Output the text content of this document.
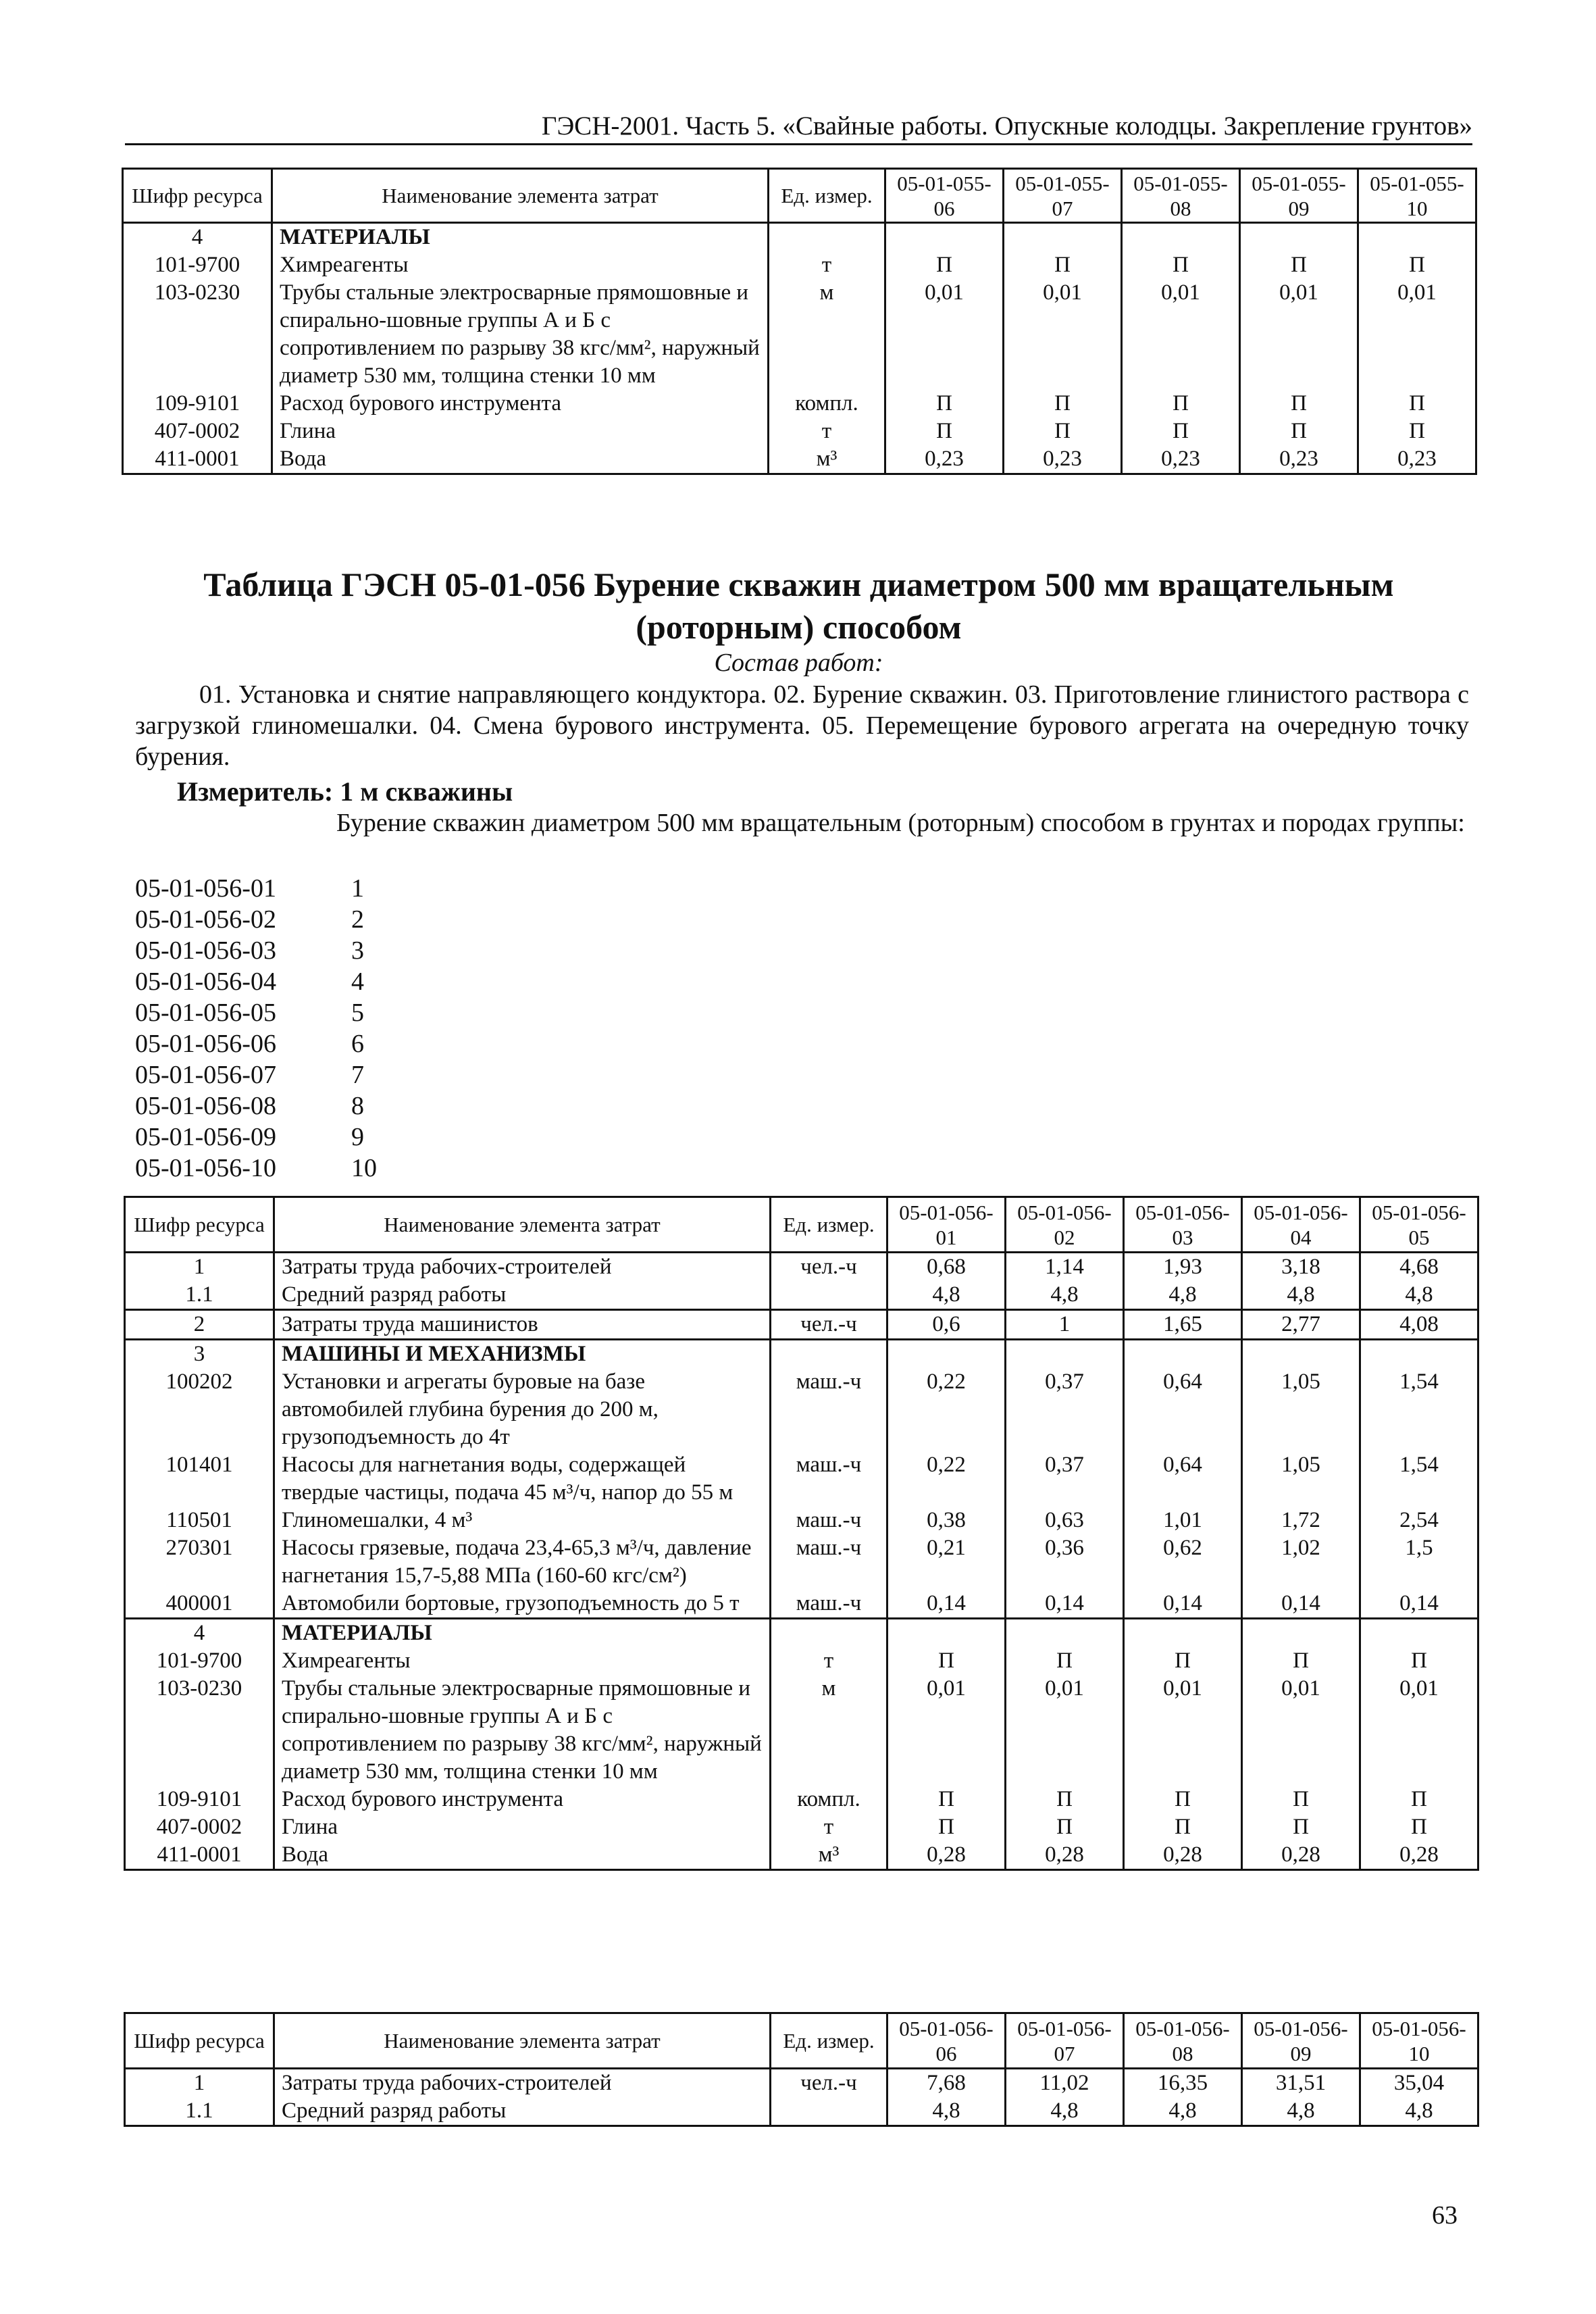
ГЭСН-2001. Часть 5. «Свайные работы. Опускные колодцы. Закрепление грунтов»
Шифр ресурса	Наименование элемента затрат	Ед. измер.	05-01-055-06	05-01-055-07	05-01-055-08	05-01-055-09	05-01-055-10
4	МАТЕРИАЛЫ						
101-9700	Химреагенты	т	П	П	П	П	П
103-0230	Трубы стальные электросварные прямошовные и спирально-шовные группы А и Б с сопротивлением по разрыву 38 кгс/мм², наружный диаметр 530 мм, толщина стенки 10 мм	м	0,01	0,01	0,01	0,01	0,01
109-9101	Расход бурового инструмента	компл.	П	П	П	П	П
407-0002	Глина	т	П	П	П	П	П
411-0001	Вода	м³	0,23	0,23	0,23	0,23	0,23
Таблица ГЭСН 05-01-056 Бурение скважин диаметром 500 мм вращательным (роторным) способом
Состав работ:
01. Установка и снятие направляющего кондуктора. 02. Бурение скважин. 03. Приготовление глинистого раствора с загрузкой глиномешалки. 04. Смена бурового инструмента. 05. Перемещение бурового агрегата на очередную точку бурения.
Измеритель: 1 м скважины
Бурение скважин диаметром 500 мм вращательным (роторным) способом в грунтах и породах группы:
05-01-056-01	1
05-01-056-02	2
05-01-056-03	3
05-01-056-04	4
05-01-056-05	5
05-01-056-06	6
05-01-056-07	7
05-01-056-08	8
05-01-056-09	9
05-01-056-10	10
Шифр ресурса	Наименование элемента затрат	Ед. измер.	05-01-056-01	05-01-056-02	05-01-056-03	05-01-056-04	05-01-056-05
1	Затраты труда рабочих-строителей	чел.-ч	0,68	1,14	1,93	3,18	4,68
1.1	Средний разряд работы		4,8	4,8	4,8	4,8	4,8
2	Затраты труда машинистов	чел.-ч	0,6	1	1,65	2,77	4,08
3	МАШИНЫ И МЕХАНИЗМЫ						
100202	Установки и агрегаты буровые на базе автомобилей глубина бурения до 200 м, грузоподъемность до 4т	маш.-ч	0,22	0,37	0,64	1,05	1,54
101401	Насосы для нагнетания воды, содержащей твердые частицы, подача 45 м³/ч, напор до 55 м	маш.-ч	0,22	0,37	0,64	1,05	1,54
110501	Глиномешалки, 4 м³	маш.-ч	0,38	0,63	1,01	1,72	2,54
270301	Насосы грязевые, подача 23,4-65,3 м³/ч, давление нагнетания 15,7-5,88 МПа (160-60 кгс/см²)	маш.-ч	0,21	0,36	0,62	1,02	1,5
400001	Автомобили бортовые, грузоподъемность до 5 т	маш.-ч	0,14	0,14	0,14	0,14	0,14
4	МАТЕРИАЛЫ						
101-9700	Химреагенты	т	П	П	П	П	П
103-0230	Трубы стальные электросварные прямошовные и спирально-шовные группы А и Б с сопротивлением по разрыву 38 кгс/мм², наружный диаметр 530 мм, толщина стенки 10 мм	м	0,01	0,01	0,01	0,01	0,01
109-9101	Расход бурового инструмента	компл.	П	П	П	П	П
407-0002	Глина	т	П	П	П	П	П
411-0001	Вода	м³	0,28	0,28	0,28	0,28	0,28
Шифр ресурса	Наименование элемента затрат	Ед. измер.	05-01-056-06	05-01-056-07	05-01-056-08	05-01-056-09	05-01-056-10
1	Затраты труда рабочих-строителей	чел.-ч	7,68	11,02	16,35	31,51	35,04
1.1	Средний разряд работы		4,8	4,8	4,8	4,8	4,8
63
